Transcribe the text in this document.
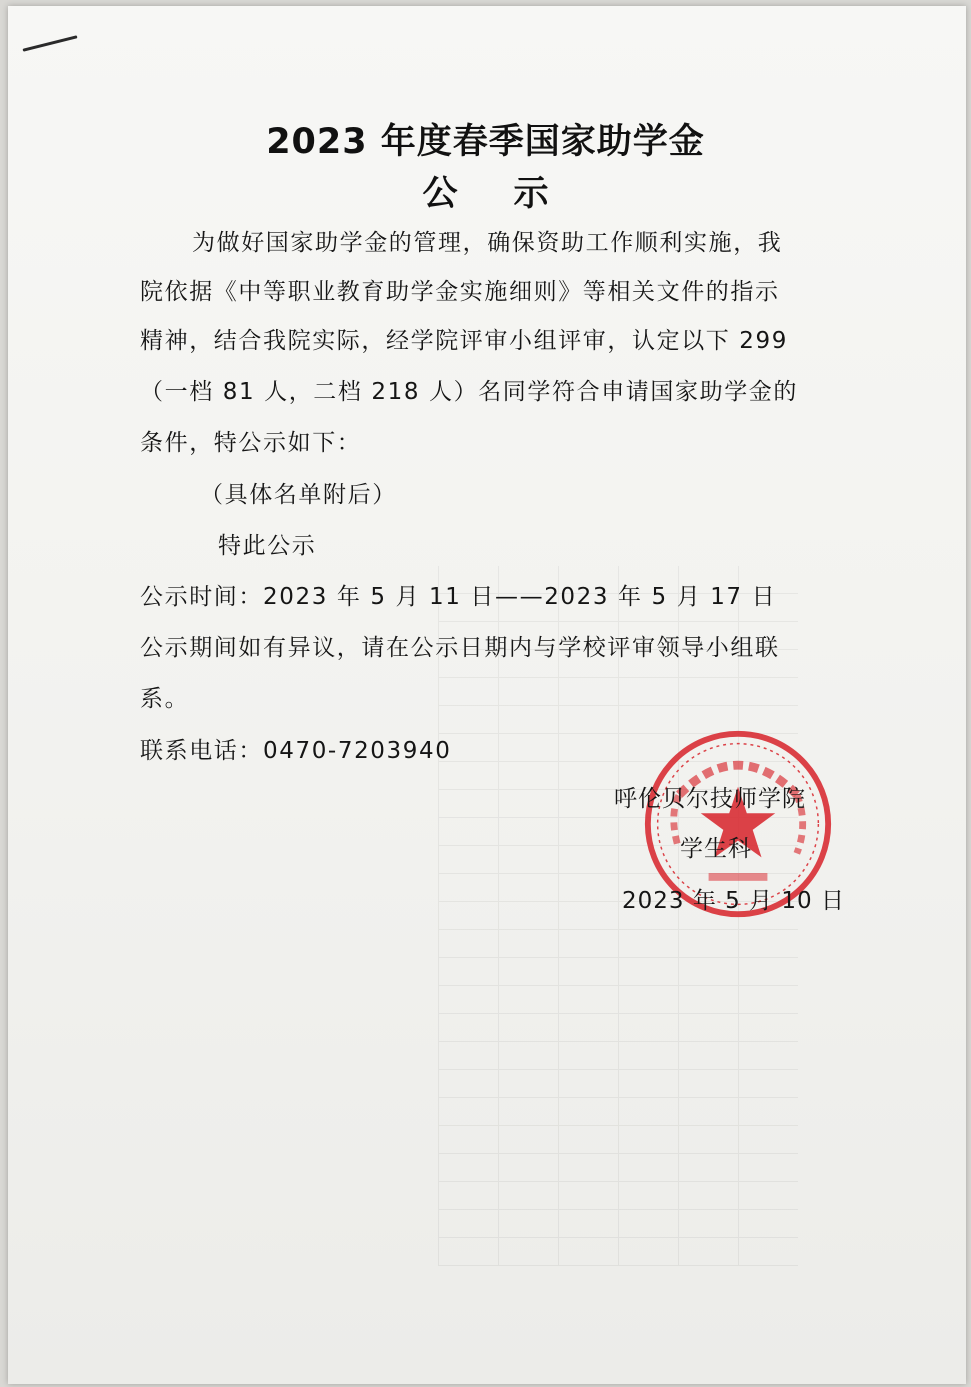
2023 年度春季国家助学金
公示
为做好国家助学金的管理，确保资助工作顺利实施，我
院依据《中等职业教育助学金实施细则》等相关文件的指示
精神，结合我院实际，经学院评审小组评审，认定以下 299
（一档 81 人，二档 218 人）名同学符合申请国家助学金的
条件，特公示如下：
（具体名单附后）
特此公示
公示时间：2023 年 5 月 11 日——2023 年 5 月 17 日
公示期间如有异议，请在公示日期内与学校评审领导小组联
系。
联系电话：0470-7203940
呼伦贝尔技师学院
学生科
2023 年 5 月 10 日
